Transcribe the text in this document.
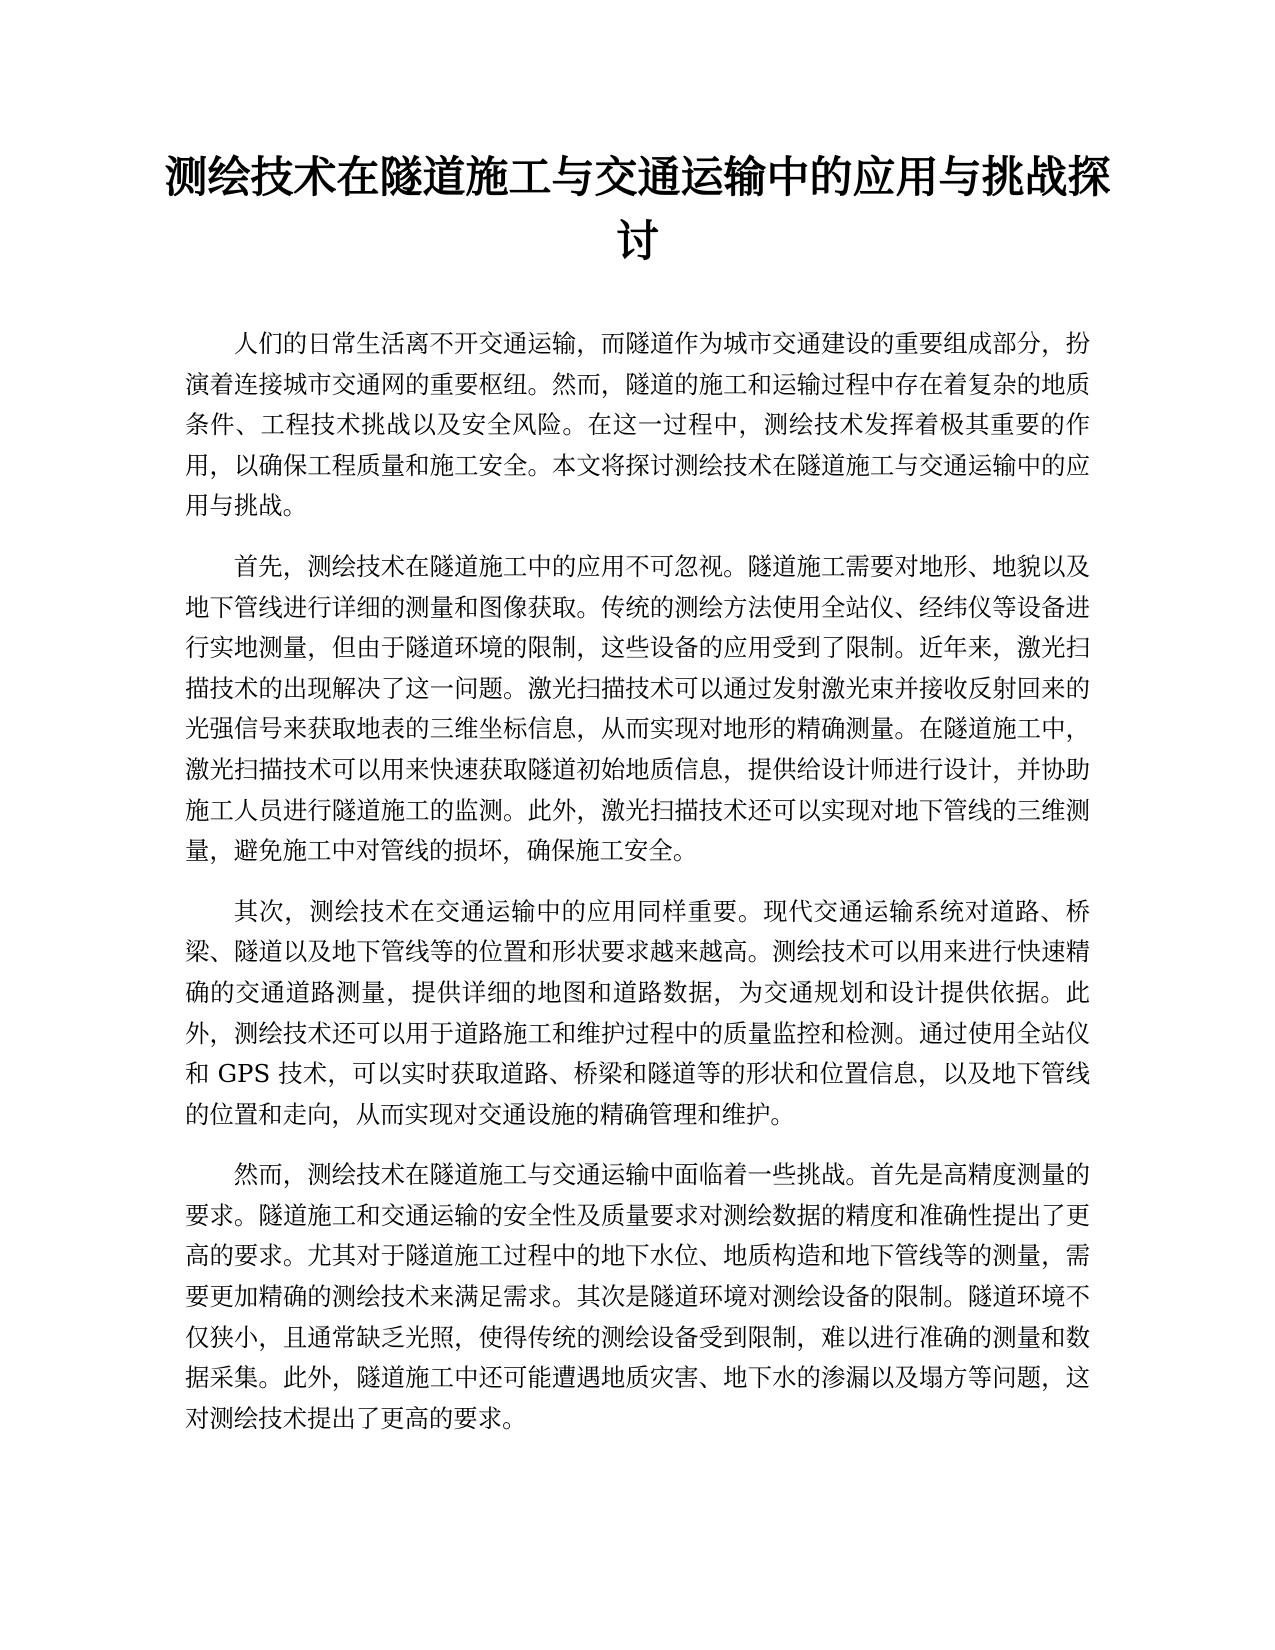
测绘技术在隧道施工与交通运输中的应用与挑战探讨

人们的日常生活离不开交通运输，而隧道作为城市交通建设的重要组成部分，扮演着连接城市交通网的重要枢纽。然而，隧道的施工和运输过程中存在着复杂的地质条件、工程技术挑战以及安全风险。在这一过程中，测绘技术发挥着极其重要的作用，以确保工程质量和施工安全。本文将探讨测绘技术在隧道施工与交通运输中的应用与挑战。

首先，测绘技术在隧道施工中的应用不可忽视。隧道施工需要对地形、地貌以及地下管线进行详细的测量和图像获取。传统的测绘方法使用全站仪、经纬仪等设备进行实地测量，但由于隧道环境的限制，这些设备的应用受到了限制。近年来，激光扫描技术的出现解决了这一问题。激光扫描技术可以通过发射激光束并接收反射回来的光强信号来获取地表的三维坐标信息，从而实现对地形的精确测量。在隧道施工中，激光扫描技术可以用来快速获取隧道初始地质信息，提供给设计师进行设计，并协助施工人员进行隧道施工的监测。此外，激光扫描技术还可以实现对地下管线的三维测量，避免施工中对管线的损坏，确保施工安全。

其次，测绘技术在交通运输中的应用同样重要。现代交通运输系统对道路、桥梁、隧道以及地下管线等的位置和形状要求越来越高。测绘技术可以用来进行快速精确的交通道路测量，提供详细的地图和道路数据，为交通规划和设计提供依据。此外，测绘技术还可以用于道路施工和维护过程中的质量监控和检测。通过使用全站仪和 GPS 技术，可以实时获取道路、桥梁和隧道等的形状和位置信息，以及地下管线的位置和走向，从而实现对交通设施的精确管理和维护。

然而，测绘技术在隧道施工与交通运输中面临着一些挑战。首先是高精度测量的要求。隧道施工和交通运输的安全性及质量要求对测绘数据的精度和准确性提出了更高的要求。尤其对于隧道施工过程中的地下水位、地质构造和地下管线等的测量，需要更加精确的测绘技术来满足需求。其次是隧道环境对测绘设备的限制。隧道环境不仅狭小，且通常缺乏光照，使得传统的测绘设备受到限制，难以进行准确的测量和数据采集。此外，隧道施工中还可能遭遇地质灾害、地下水的渗漏以及塌方等问题，这对测绘技术提出了更高的要求。
